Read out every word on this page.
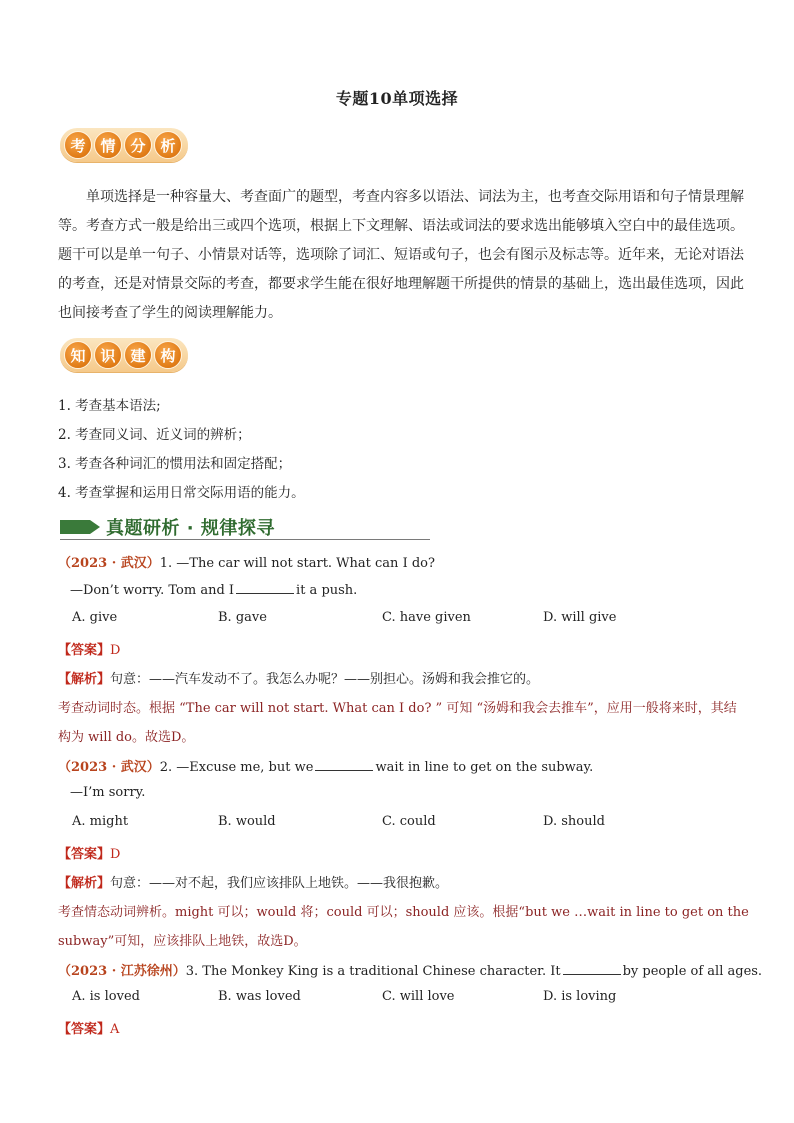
专题10单项选择
考 情 分 析
单项选择是一种容量大、考查面广的题型，考查内容多以语法、词法为主，也考查交际用语和句子情景理解
等。考查方式一般是给出三或四个选项，根据上下文理解、语法或词法的要求选出能够填入空白中的最佳选项。
题干可以是单一句子、小情景对话等，选项除了词汇、短语或句子，也会有图示及标志等。近年来，无论对语法
的考查，还是对情景交际的考查，都要求学生能在很好地理解题干所提供的情景的基础上，选出最佳选项，因此
也间接考查了学生的阅读理解能力。
知 识 建 构
1. 考查基本语法;
2. 考查同义词、近义词的辨析；
3. 考查各种词汇的惯用法和固定搭配；
4. 考查掌握和运用日常交际用语的能力。
真题研析 · 规律探寻
（2023 · 武汉）1. —The car will not start. What can I do?
—Don’t worry. Tom and I	it a push.
A. give	B. gave	C. have given	D. will give
【答案】D
【解析】句意：——汽车发动不了。我怎么办呢？——别担心。汤姆和我会推它的。
考查动词时态。根据 “The car will not start. What can I do? ” 可知 “汤姆和我会去推车”，应用一般将来时，其结
构为 will do。故选D。
（2023 · 武汉）2. —Excuse me, but we	wait in line to get on the subway.
—I’m sorry.
A. might	B. would	C. could	D. should
【答案】D
【解析】句意：——对不起，我们应该排队上地铁。——我很抱歉。
考查情态动词辨析。might 可以；would 将；could 可以；should 应该。根据“but we …wait in line to get on the
subway”可知，应该排队上地铁，故选D。
（2023 · 江苏徐州）3. The Monkey King is a traditional Chinese character. It	by people of all ages.
A. is loved	B. was loved	C. will love	D. is loving
【答案】A
